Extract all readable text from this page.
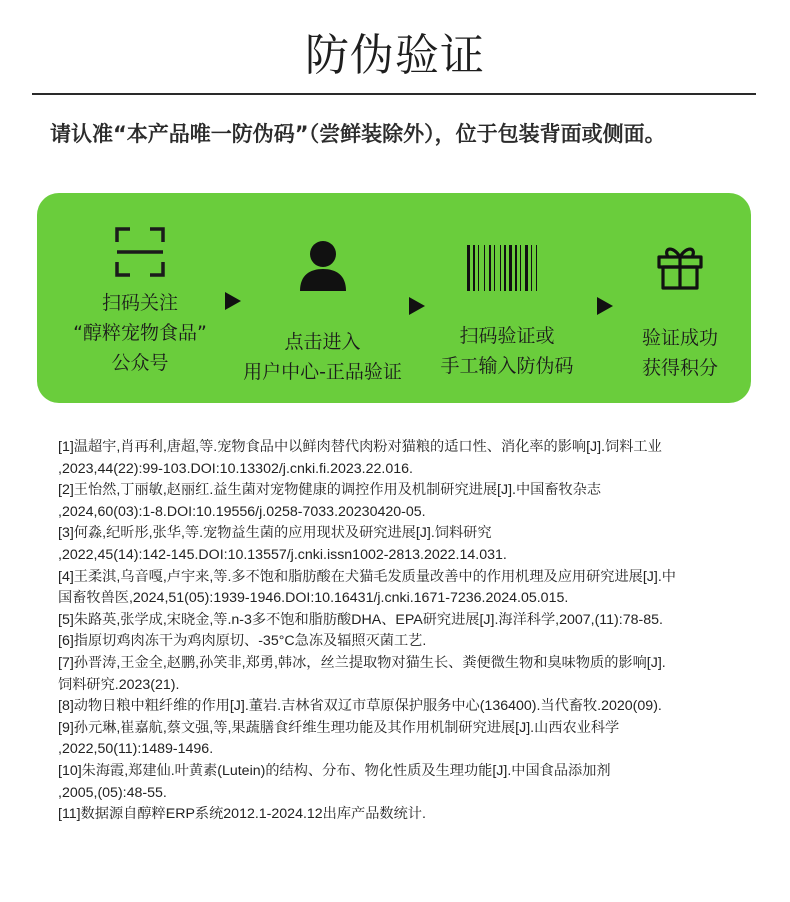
防伪验证
请认准“本产品唯一防伪码”（尝鲜装除外），位于包装背面或侧面。
扫码关注
“醇粹宠物食品”
公众号
点击进入
用户中心-正品验证
扫码验证或
手工输入防伪码
验证成功
获得积分
[1]温超宇,肖再利,唐超,等.宠物食品中以鲜肉替代肉粉对猫粮的适口性、消化率的影响[J].饲料工业
,2023,44(22):99-103.DOI:10.13302/j.cnki.fi.2023.22.016.
[2]王怡然,丁丽敏,赵丽红.益生菌对宠物健康的调控作用及机制研究进展[J].中国畜牧杂志
,2024,60(03):1-8.DOI:10.19556/j.0258-7033.20230420-05.
[3]何淼,纪昕彤,张华,等.宠物益生菌的应用现状及研究进展[J].饲料研究
,2022,45(14):142-145.DOI:10.13557/j.cnki.issn1002-2813.2022.14.031.
[4]王柔淇,乌音嘎,卢宇来,等.多不饱和脂肪酸在犬猫毛发质量改善中的作用机理及应用研究进展[J].中
国畜牧兽医,2024,51(05):1939-1946.DOI:10.16431/j.cnki.1671-7236.2024.05.015.
[5]朱路英,张学成,宋晓金,等.n-3多不饱和脂肪酸DHA、EPA研究进展[J].海洋科学,2007,(11):78-85.
[6]指原切鸡肉冻干为鸡肉原切、-35°C急冻及辐照灭菌工艺.
[7]孙晋涛,王金全,赵鹏,孙笑非,郑勇,韩冰，丝兰提取物对猫生长、粪便微生物和臭味物质的影响[J].
饲料研究.2023(21).
[8]动物日粮中粗纤维的作用[J].董岩.吉林省双辽市草原保护服务中心(136400).当代畜牧.2020(09).
[9]孙元琳,崔嘉航,蔡文强,等,果蔬膳食纤维生理功能及其作用机制研究进展[J].山西农业科学
,2022,50(11):1489-1496.
[10]朱海霞,郑建仙.叶黄素(Lutein)的结构、分布、物化性质及生理功能[J].中国食品添加剂
,2005,(05):48-55.
[11]数据源自醇粹ERP系统2012.1-2024.12出库产品数统计.
